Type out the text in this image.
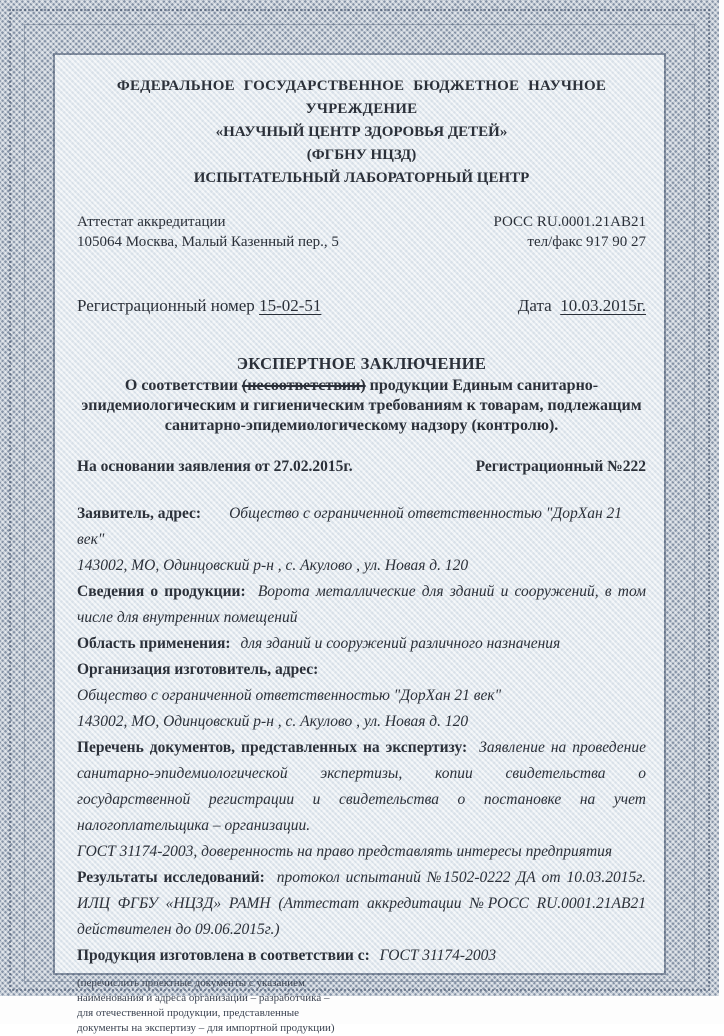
ФЕДЕРАЛЬНОЕ ГОСУДАРСТВЕННОЕ БЮДЖЕТНОЕ НАУЧНОЕ УЧРЕЖДЕНИЕ
«НАУЧНЫЙ ЦЕНТР ЗДОРОВЬЯ ДЕТЕЙ»
(ФГБНУ НЦЗД)
ИСПЫТАТЕЛЬНЫЙ ЛАБОРАТОРНЫЙ ЦЕНТР
Аттестат аккредитации
105064 Москва, Малый Казенный пер., 5
РОСС RU.0001.21АВ21
тел/факс 917 90 27
Регистрационный номер 15-02-51	Дата 10.03.2015г.
ЭКСПЕРТНОЕ ЗАКЛЮЧЕНИЕ
О соответствии (несоответствии) продукции Единым санитарно-
эпидемиологическим и гигиеническим требованиям к товарам, подлежащим
санитарно-эпидемиологическому надзору (контролю).
На основании заявления от 27.02.2015г.	Регистрационный №222

Заявитель, адрес: Общество с ограниченной ответственностью "ДорХан 21 век"

143002, МО, Одинцовский р-н , с. Акулово , ул. Новая д. 120

Сведения о продукции: Ворота металлические для зданий и сооружений, в том числе для внутренних помещений

Область применения: для зданий и сооружений различного назначения

Организация изготовитель, адрес:

Общество с ограниченной ответственностью "ДорХан 21 век"

143002, МО, Одинцовский р-н , с. Акулово , ул. Новая д. 120

Перечень документов, представленных на экспертизу: Заявление на проведение санитарно-эпидемиологической экспертизы, копии свидетельства о государственной регистрации и свидетельства о постановке на учет налогоплательщика – организации.

ГОСТ 31174-2003, доверенность на право представлять интересы предприятия

Результаты исследований: протокол испытаний №1502-0222 ДА от 10.03.2015г. ИЛЦ ФГБУ «НЦЗД» РАМН (Аттестат аккредитации №РОСС RU.0001.21АВ21 действителен до 09.06.2015г.)

Продукция изготовлена в соответствии с: ГОСТ 31174-2003

(перечислить проектные документы с указанием
наименования и адреса организации – разработчика –
для отечественной продукции, представленные
документы на экспертизу – для импортной продукции)
